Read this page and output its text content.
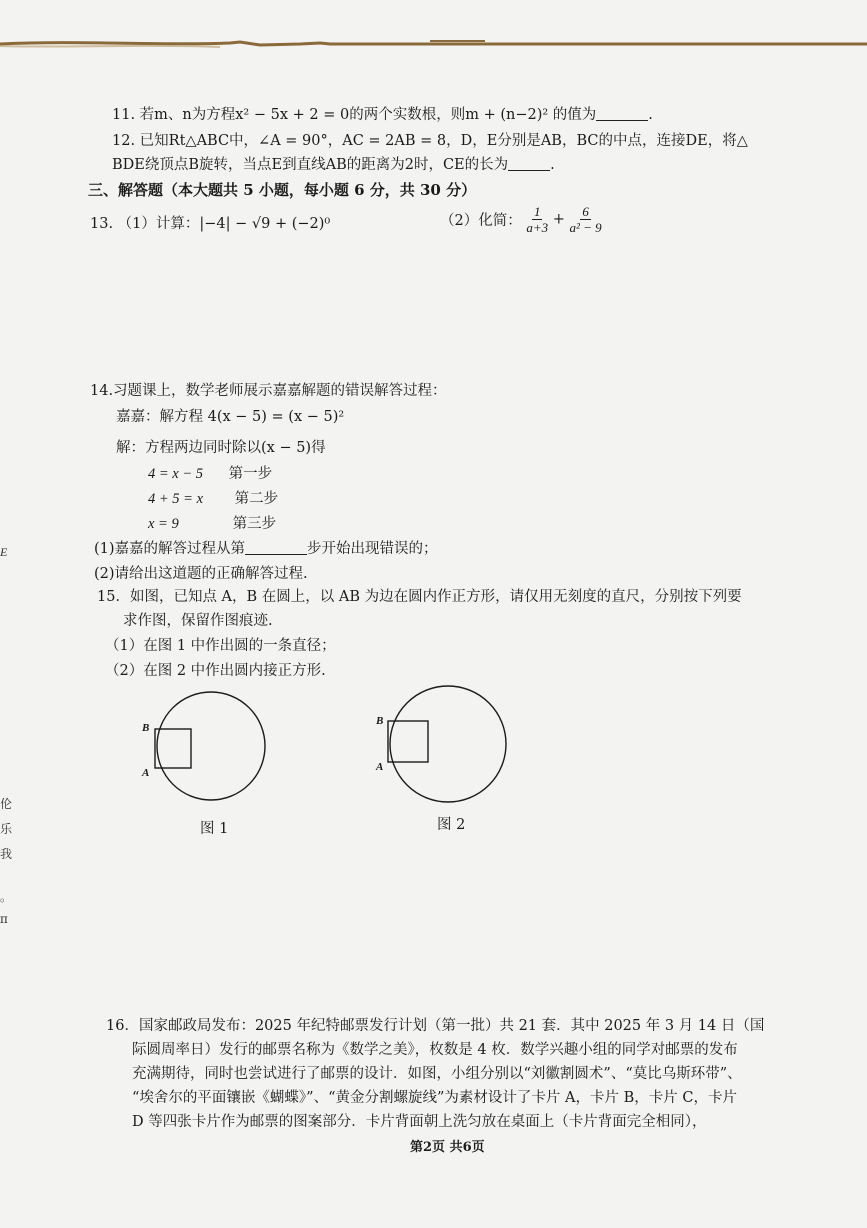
11. 若m、n为方程x² − 5x + 2 = 0的两个实数根，则m + (n−2)² 的值为	.
12. 已知Rt△ABC中，∠A = 90°，AC = 2AB = 8，D，E分别是AB，BC的中点，连接DE，将△
BDE绕顶点B旋转，当点E到直线AB的距离为2时，CE的长为	.
三、解答题（本大题共 5 小题，每小题 6 分，共 30 分）
13. （1）计算：|−4| − √9 + (−2)⁰	（2）化简： $\frac{1}{a+3} + \frac{6}{\text{a² − 9}}$
14.习题课上，数学老师展示嘉嘉解题的错误解答过程：
嘉嘉：解方程 4(x − 5) = (x − 5)²
解：方程两边同时除以(x − 5)得
4 = x − 5 第一步
4 + 5 = x 第二步
x = 9	第三步
(1)嘉嘉的解答过程从第	步开始出现错误的；
(2)请给出这道题的正确解答过程.
15．如图，已知点 A，B 在圆上，以 AB 为边在圆内作正方形，请仅用无刻度的直尺，分别按下列要
求作图，保留作图痕迹.
（1）在图 1 中作出圆的一条直径；
（2）在图 2 中作出圆内接正方形.
B
A
图 1
B
A
图 2
16．国家邮政局发布：2025 年纪特邮票发行计划（第一批）共 21 套．其中 2025 年 3 月 14 日（国
际圆周率日）发行的邮票名称为《数学之美》，枚数是 4 枚．数学兴趣小组的同学对邮票的发布
充满期待，同时也尝试进行了邮票的设计．如图，小组分别以“刘徽割圆术”、“莫比乌斯环带”、
“埃舍尔的平面镶嵌《蝴蝶》”、“黄金分割螺旋线”为素材设计了卡片 A，卡片 B，卡片 C，卡片
D 等四张卡片作为邮票的图案部分．卡片背面朝上洗匀放在桌面上（卡片背面完全相同），
第2页 共6页
E
伦
乐
我
。
п
